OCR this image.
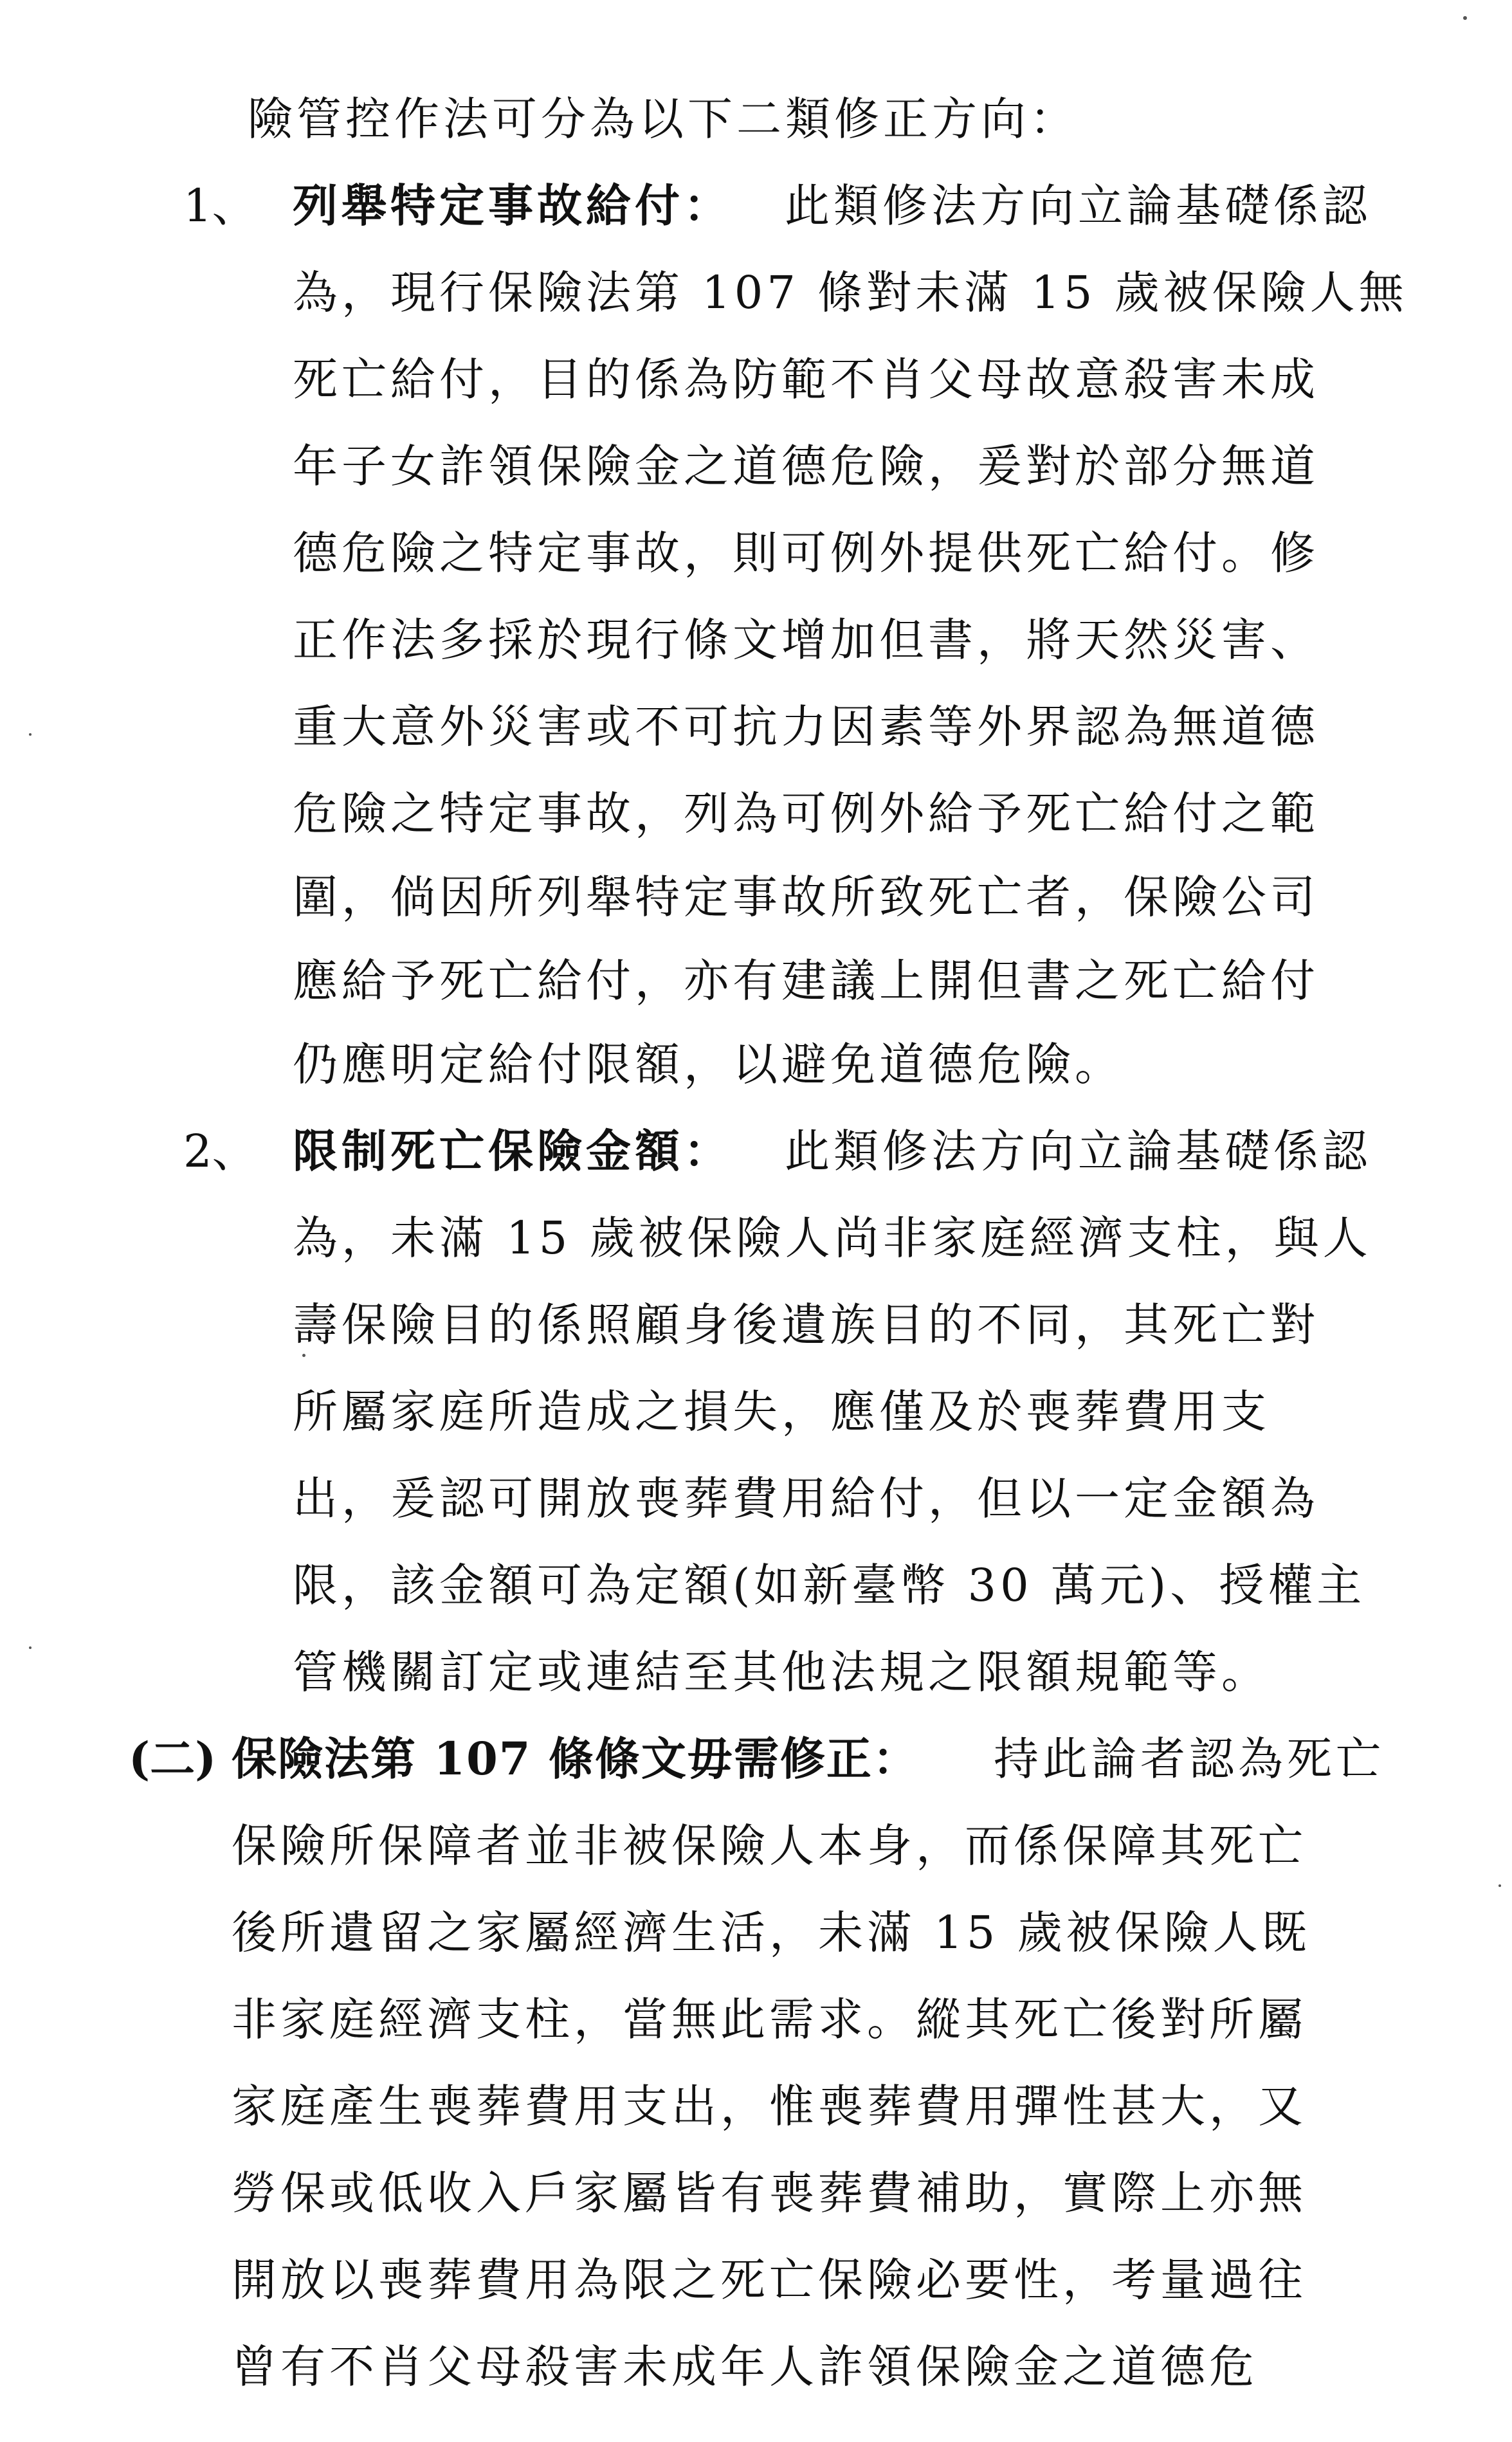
險管控作法可分為以下二類修正方向：
1、 列舉特定事故給付： 此類修法方向立論基礎係認
為，現行保險法第 107 條對未滿 15 歲被保險人無
死亡給付，目的係為防範不肖父母故意殺害未成
年子女詐領保險金之道德危險，爰對於部分無道
德危險之特定事故，則可例外提供死亡給付。修
正作法多採於現行條文增加但書，將天然災害、
重大意外災害或不可抗力因素等外界認為無道德
危險之特定事故，列為可例外給予死亡給付之範
圍，倘因所列舉特定事故所致死亡者，保險公司
應給予死亡給付，亦有建議上開但書之死亡給付
仍應明定給付限額，以避免道德危險。
2、 限制死亡保險金額： 此類修法方向立論基礎係認
為，未滿 15 歲被保險人尚非家庭經濟支柱，與人
壽保險目的係照顧身後遺族目的不同，其死亡對
所屬家庭所造成之損失，應僅及於喪葬費用支
出，爰認可開放喪葬費用給付，但以一定金額為
限，該金額可為定額(如新臺幣 30 萬元)、授權主
管機關訂定或連結至其他法規之限額規範等。
(二) 保險法第 107 條條文毋需修正： 持此論者認為死亡
保險所保障者並非被保險人本身，而係保障其死亡
後所遺留之家屬經濟生活，未滿 15 歲被保險人既
非家庭經濟支柱，當無此需求。縱其死亡後對所屬
家庭產生喪葬費用支出，惟喪葬費用彈性甚大，又
勞保或低收入戶家屬皆有喪葬費補助，實際上亦無
開放以喪葬費用為限之死亡保險必要性，考量過往
曾有不肖父母殺害未成年人詐領保險金之道德危
